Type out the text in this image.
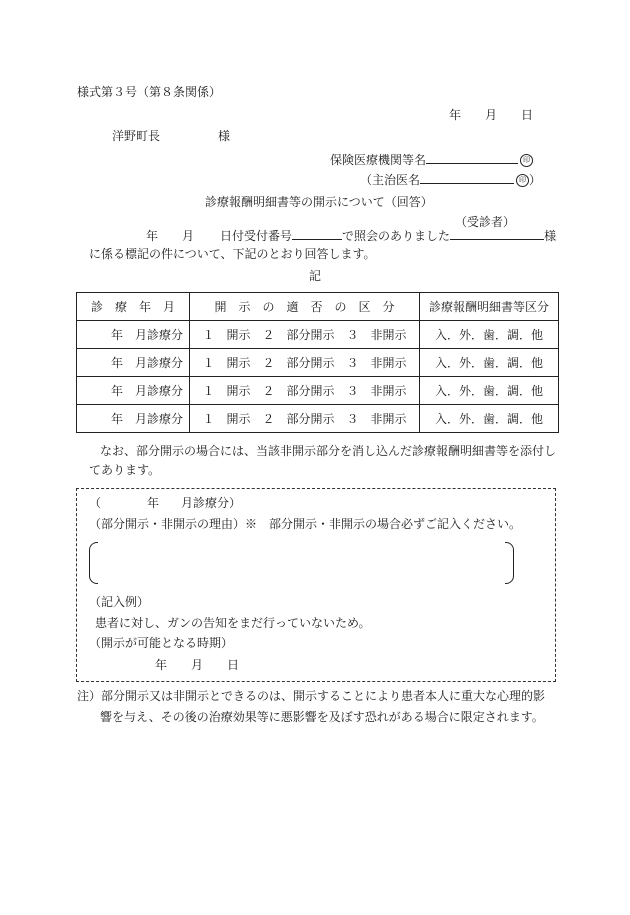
様式第３号（第８条関係）
年 月 日
洋野町長	様
保険医療機関等名	印
（主治医名	印 ）
診療報酬明細書等の開示について（回答）
（受診者）
年 月 日付受付番号	で照会のありました	様
に係る標記の件について、下記のとおり回答します。
記
診　療　年　月	開　示　の　適　否　の　区　分	診療報酬明細書等区分
年　月診療分	１　開示　２　部分開示　３　非開示	入．外．歯．調．他
年　月診療分	１　開示　２　部分開示　３　非開示	入．外．歯．調．他
年　月診療分	１　開示　２　部分開示　３　非開示	入．外．歯．調．他
年　月診療分	１　開示　２　部分開示　３　非開示	入．外．歯．調．他
なお、部分開示の場合には、当該非開示部分を消し込んだ診療報酬明細書等を添付し
てあります。
（	年 月診療分）
（部分開示・非開示の理由）※　部分開示・非開示の場合必ずご記入ください。
（記入例）
患者に対し、ガンの告知をまだ行っていないため。
（開示が可能となる時期）
年 月 日
注）部分開示又は非開示とできるのは、開示することにより患者本人に重大な心理的影
響を与え、その後の治療効果等に悪影響を及ぼす恐れがある場合に限定されます。
